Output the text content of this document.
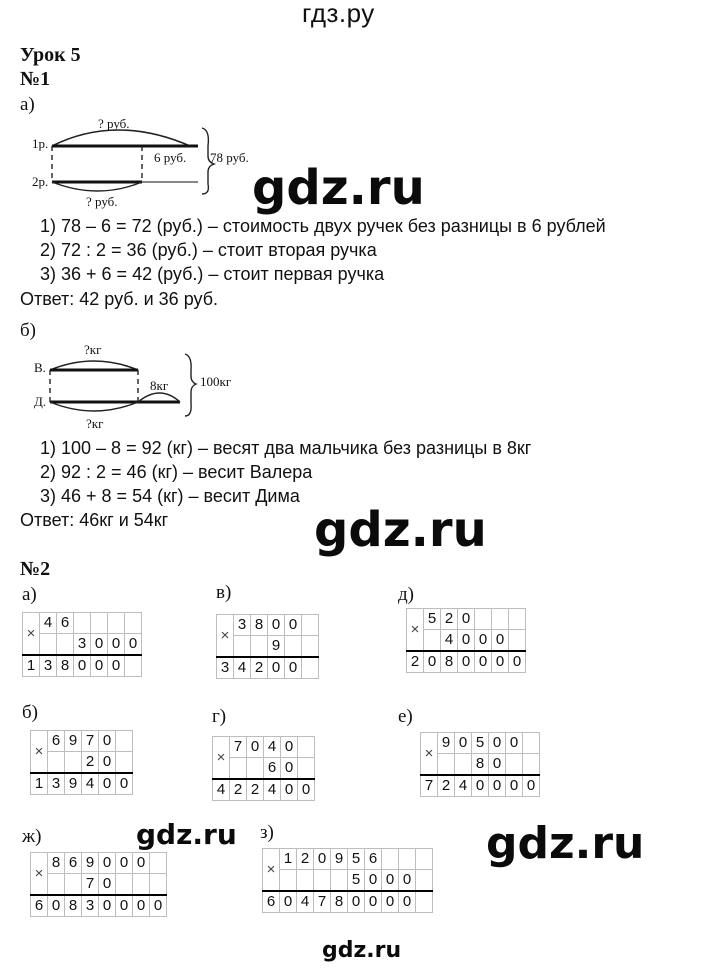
гдз.ру
Урок 5
№1
а)
1р.
2р.
? руб.
6 руб. 78 руб.
? руб.	gdz.ru
1) 78 – 6 = 72 (руб.) – стоимость двух ручек без разницы в 6 рублей
2) 72 : 2 = 36 (руб.) – стоит вторая ручка
3) 36 + 6 = 42 (руб.) – стоит первая ручка
Ответ: 42 руб. и 36 руб.
б)
В.
Д.
?кг
8кг 100кг
?кг
1) 100 – 8 = 92 (кг) – весят два мальчика без разницы в 8кг
2) 92 : 2 = 46 (кг) – весит Валера
3) 46 + 8 = 54 (кг) – весит Дима
Ответ: 46кг и 54кг	gdz.ru
№2
а)	в)	д)
б)	г)	е)
ж)	з)
×	4	6				
			3	0	0	0
1	3	8	0	0	0	
×	3	8	0	0	
			9		
3	4	2	0	0	
×	5	2	0			
		4	0	0	0	
2	0	8	0	0	0	0
×	6	9	7	0	
			2	0	
1	3	9	4	0	0
×	7	0	4	0	
			6	0	
4	2	2	4	0	0
×	9	0	5	0	0	
			8	0		
7	2	4	0	0	0	0
×	8	6	9	0	0	0	
			7	0			
6	0	8	3	0	0	0	0
×	1	2	0	9	5	6			
					5	0	0	0	
6	0	4	7	8	0	0	0	0	
gdz.ru	gdz.ru
gdz.ru
